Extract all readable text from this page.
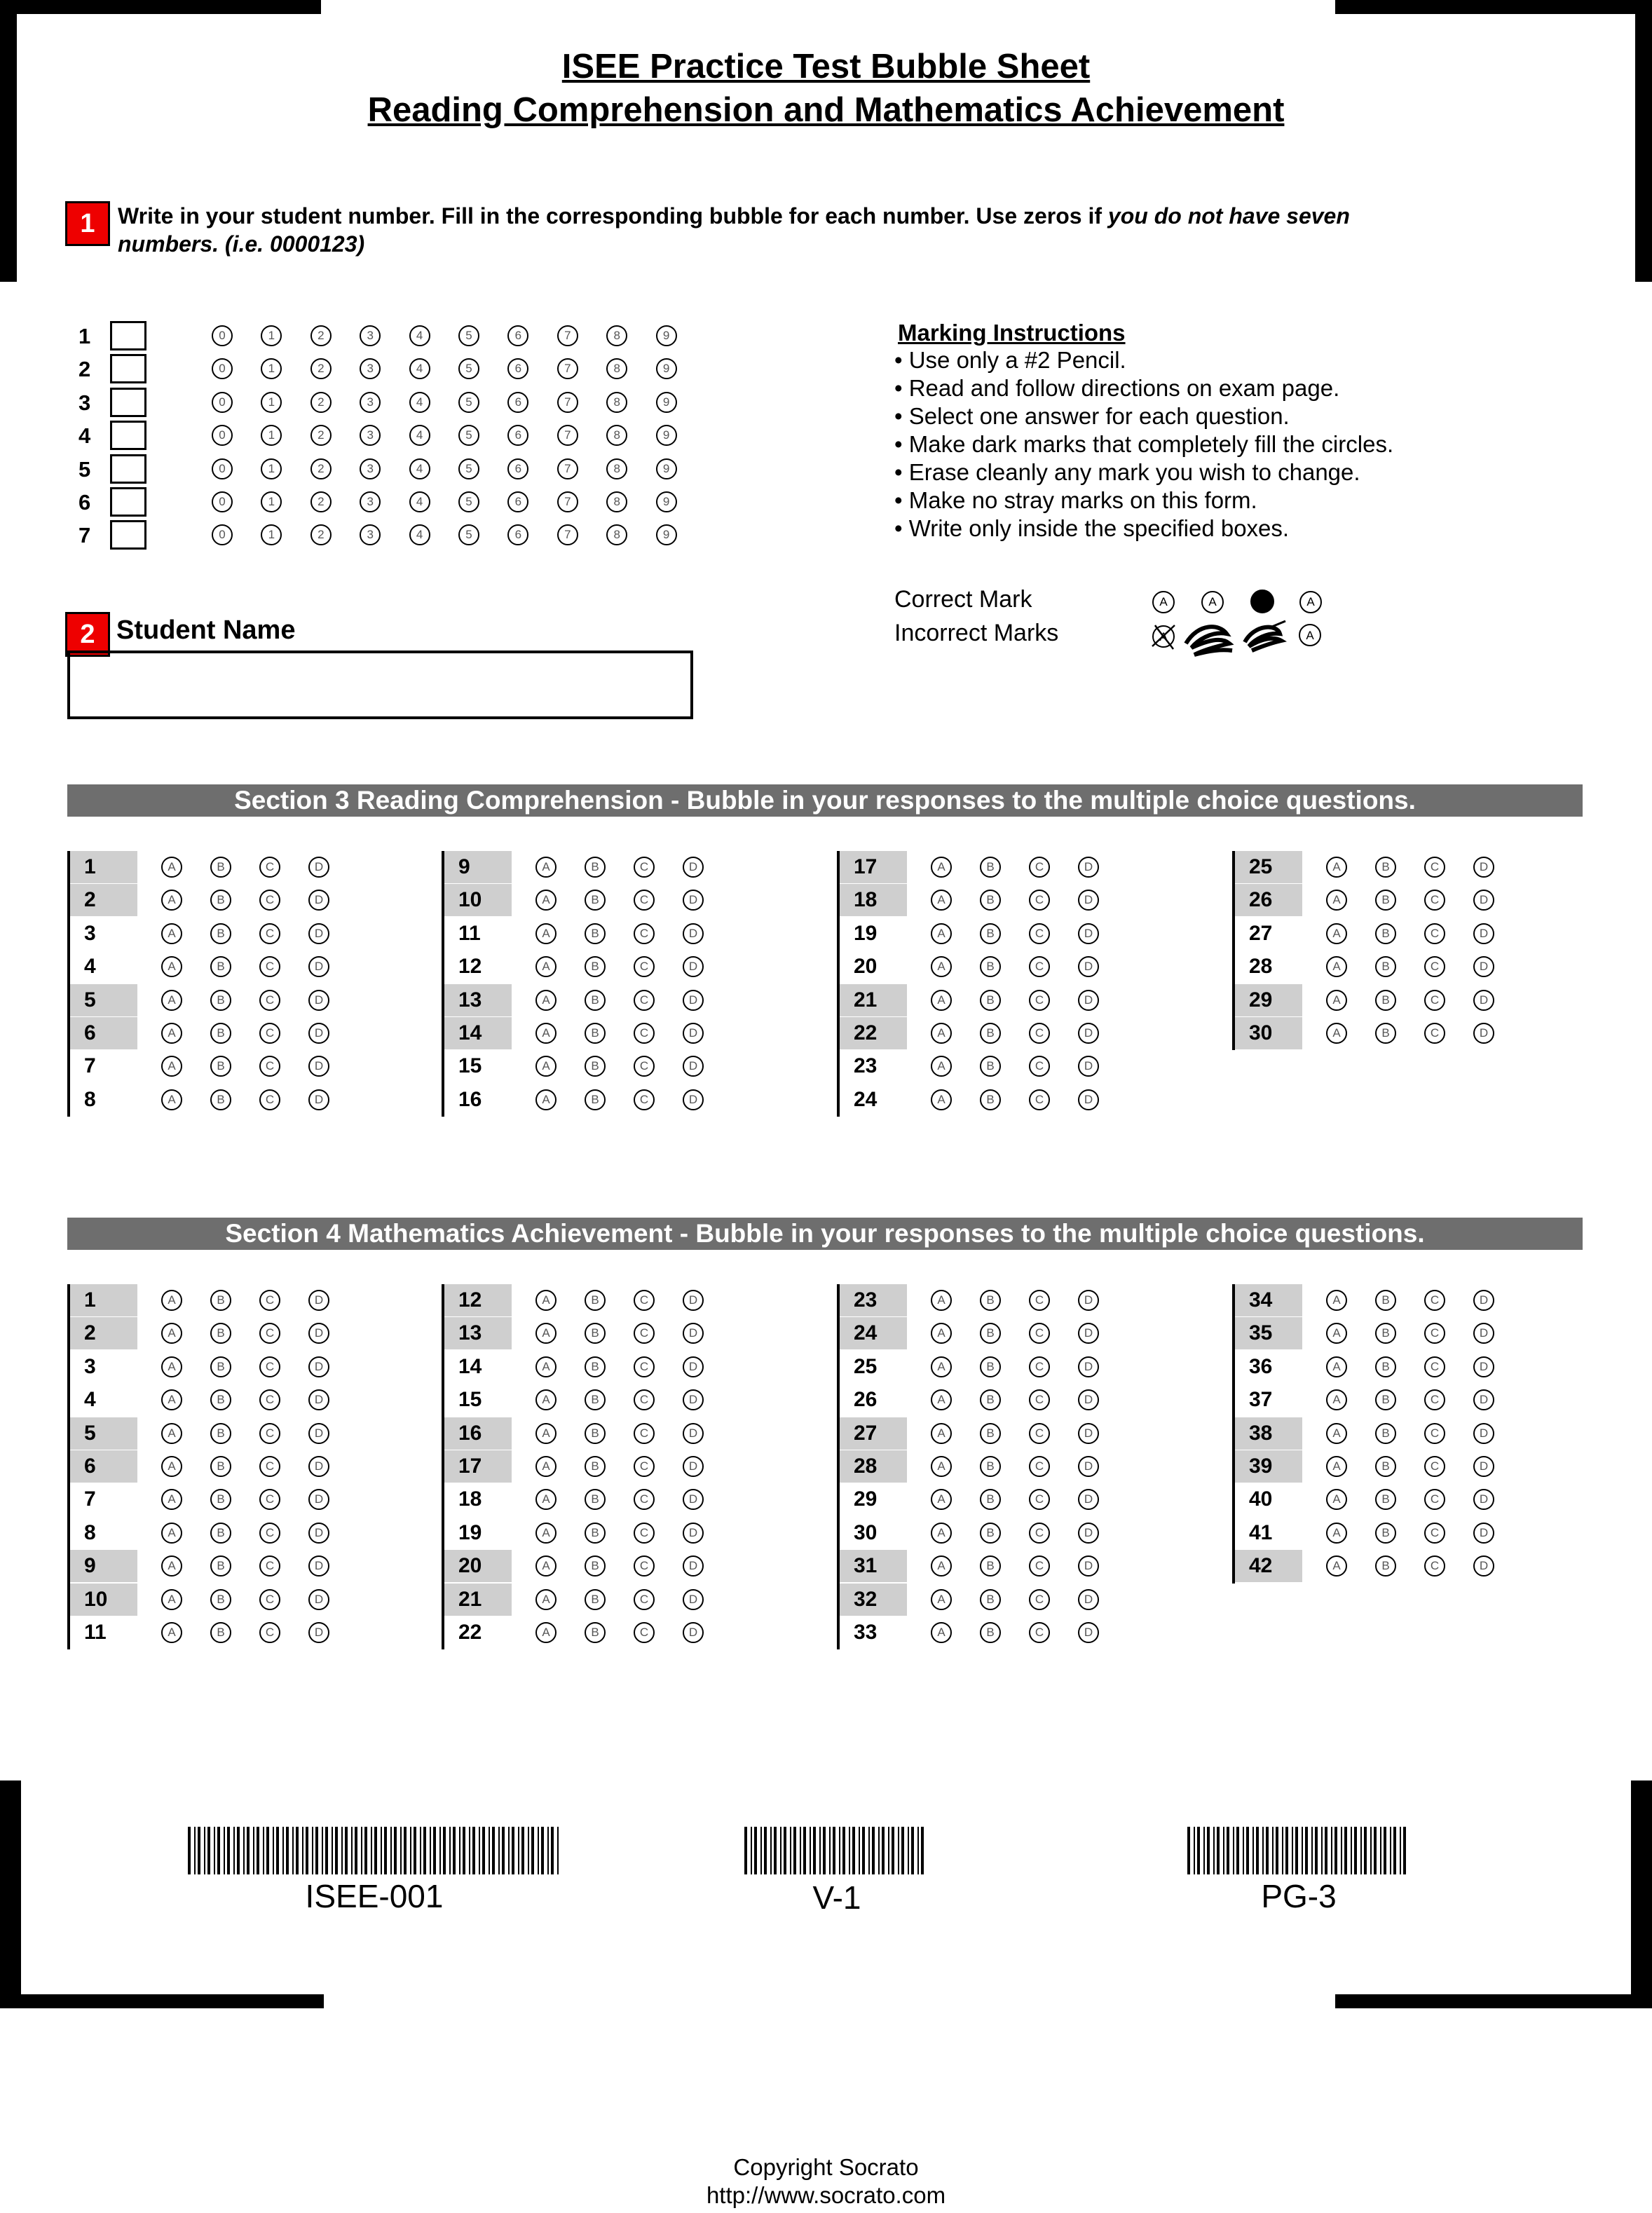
ISEE Practice Test Bubble Sheet
Reading Comprehension and Mathematics Achievement
1	Write in your student number. Fill in the corresponding bubble for each number. Use zeros if you do not have seven
numbers. (i.e. 0000123)
1	0	1	2	3	4	5	6	7	8	9
2	0	1	2	3	4	5	6	7	8	9
3	0	1	2	3	4	5	6	7	8	9
4	0	1	2	3	4	5	6	7	8	9
5	0	1	2	3	4	5	6	7	8	9
6	0	1	2	3	4	5	6	7	8	9
7	0	1	2	3	4	5	6	7	8	9
Marking Instructions
• Use only a #2 Pencil.
• Read and follow directions on exam page.
• Select one answer for each question.
• Make dark marks that completely fill the circles.
• Erase cleanly any mark you wish to change.
• Make no stray marks on this form.
• Write only inside the specified boxes.
Correct Mark
Incorrect Marks
A	A	A
A	A
2 Student Name
Section 3 Reading Comprehension - Bubble in your responses to the multiple choice questions.
1	A	B	C	D
2	A	B	C	D
3	A	B	C	D
4	A	B	C	D
5	A	B	C	D
6	A	B	C	D
7	A	B	C	D
8	A	B	C	D
9	A	B	C	D
10	A	B	C	D
11	A	B	C	D
12	A	B	C	D
13	A	B	C	D
14	A	B	C	D
15	A	B	C	D
16	A	B	C	D
17	A	B	C	D
18	A	B	C	D
19	A	B	C	D
20	A	B	C	D
21	A	B	C	D
22	A	B	C	D
23	A	B	C	D
24	A	B	C	D
25	A	B	C	D
26	A	B	C	D
27	A	B	C	D
28	A	B	C	D
29	A	B	C	D
30	A	B	C	D
Section 4 Mathematics Achievement - Bubble in your responses to the multiple choice questions.
1	A	B	C	D
2	A	B	C	D
3	A	B	C	D
4	A	B	C	D
5	A	B	C	D
6	A	B	C	D
7	A	B	C	D
8	A	B	C	D
9	A	B	C	D
10	A	B	C	D
11	A	B	C	D
12	A	B	C	D
13	A	B	C	D
14	A	B	C	D
15	A	B	C	D
16	A	B	C	D
17	A	B	C	D
18	A	B	C	D
19	A	B	C	D
20	A	B	C	D
21	A	B	C	D
22	A	B	C	D
23	A	B	C	D
24	A	B	C	D
25	A	B	C	D
26	A	B	C	D
27	A	B	C	D
28	A	B	C	D
29	A	B	C	D
30	A	B	C	D
31	A	B	C	D
32	A	B	C	D
33	A	B	C	D
34	A	B	C	D
35	A	B	C	D
36	A	B	C	D
37	A	B	C	D
38	A	B	C	D
39	A	B	C	D
40	A	B	C	D
41	A	B	C	D
42	A	B	C	D
ISEE-001	V-1	PG-3
Copyright Socrato
http://www.socrato.com
